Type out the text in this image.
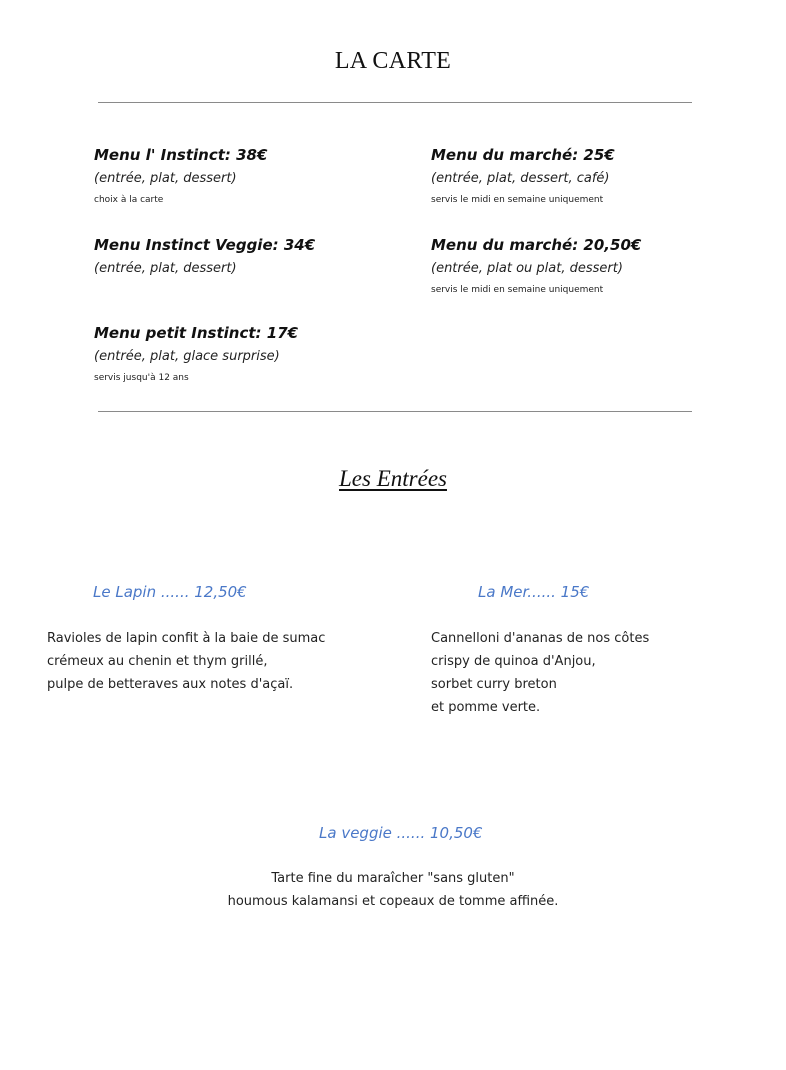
LA CARTE
Menu l' Instinct: 38€
(entrée, plat, dessert)
choix à la carte
Menu du marché: 25€
(entrée, plat, dessert, café)
servis le midi en semaine uniquement
Menu Instinct Veggie: 34€
(entrée, plat, dessert)
Menu du marché: 20,50€
(entrée, plat ou plat, dessert)
servis le midi en semaine uniquement
Menu petit Instinct: 17€
(entrée, plat, glace surprise)
servis jusqu'à 12 ans
Les Entrées
Le Lapin ...... 12,50€
Ravioles de lapin confit à la baie de sumac
crémeux au chenin et thym grillé,
pulpe de betteraves aux notes d'açaï.
La Mer...... 15€
Cannelloni d'ananas de nos côtes
crispy de quinoa d'Anjou,
sorbet curry breton
et pomme verte.
La veggie ...... 10,50€
Tarte fine du maraîcher "sans gluten"
houmous kalamansi et copeaux de tomme affinée.
